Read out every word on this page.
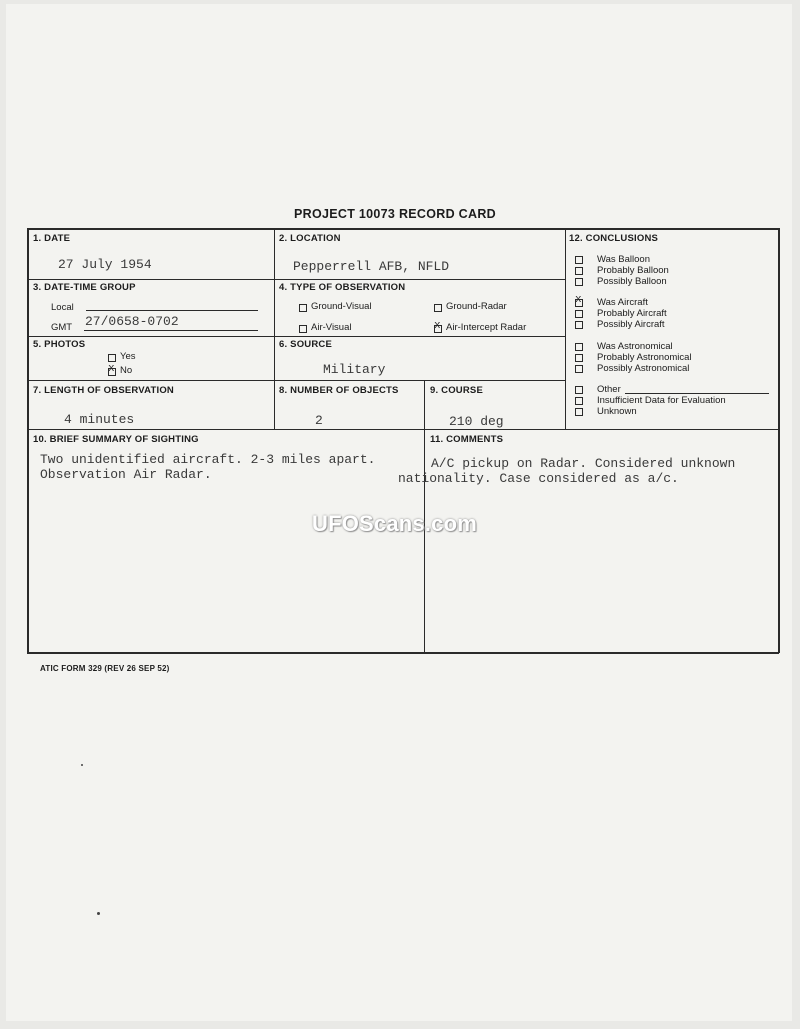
PROJECT 10073 RECORD CARD
1. DATE
27 July 1954
2. LOCATION
Pepperrell AFB, NFLD
3. DATE-TIME GROUP
Local
GMT 27/0658-0702
4. TYPE OF OBSERVATION
Ground-Visual	Ground-Radar
Air-Visual
x	Air-Intercept Radar
5. PHOTOS
Yes
x
No
6. SOURCE
Military
7. LENGTH OF OBSERVATION
4 minutes
8. NUMBER OF OBJECTS
2
9. COURSE
210 deg
10. BRIEF SUMMARY OF SIGHTING
Two unidentified aircraft. 2-3 miles apart.
Observation Air Radar.
11. COMMENTS
A/C pickup on Radar. Considered unknown
nationality. Case considered as a/c.
12. CONCLUSIONS
Was Balloon
Probably Balloon
Possibly Balloon
x
Was Aircraft
Probably Aircraft
Possibly Aircraft
Was Astronomical
Probably Astronomical
Possibly Astronomical
Other
Insufficient Data for Evaluation
Unknown
ATIC FORM 329 (REV 26 SEP 52)
UFOScans.com
